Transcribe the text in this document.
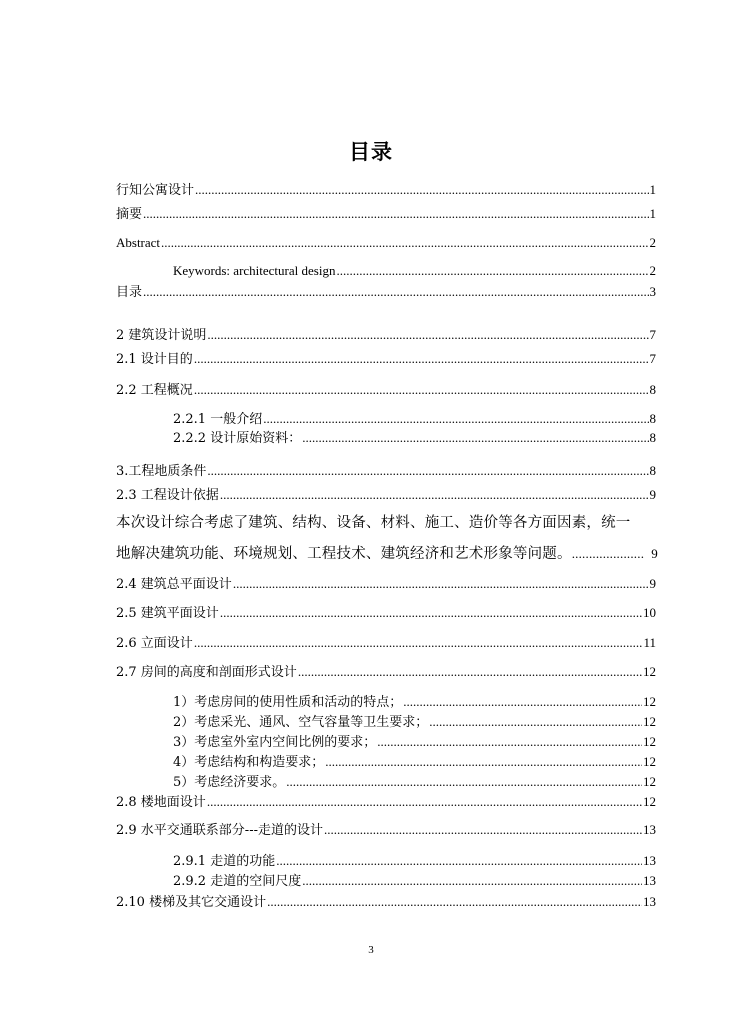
目录
行知公寓设计 .....	1
摘要 .....	1
Abstract .....	2
Keywords: architectural design .....	2
目录 .....	3
2 建筑设计说明 .....	7
2.1 设计目的 .....	7
2.2 工程概况 .....	8
2.2.1 一般介绍 .....	8
2.2.2 设计原始资料： .....	8
3.工程地质条件 .....	8
2.3 工程设计依据 .....	9
本次设计综合考虑了建筑、结构、设备、材料、施工、造价等各方面因素，统一
地解决建筑功能、环境规划、工程技术、建筑经济和艺术形象等问题。 ..................... 9
2.4 建筑总平面设计 .....	9
2.5 建筑平面设计 .....	10
2.6 立面设计 .....	11
2.7 房间的高度和剖面形式设计 .....	12
1）考虑房间的使用性质和活动的特点； .....	12
2）考虑采光、通风、空气容量等卫生要求； .....	12
3）考虑室外室内空间比例的要求； .....	12
4）考虑结构和构造要求； .....	12
5）考虑经济要求。 .....	12
2.8 楼地面设计 .....	12
2.9 水平交通联系部分---走道的设计 .....	13
2.9.1 走道的功能 .....	13
2.9.2 走道的空间尺度 .....	13
2.10 楼梯及其它交通设计 .....	13
3
